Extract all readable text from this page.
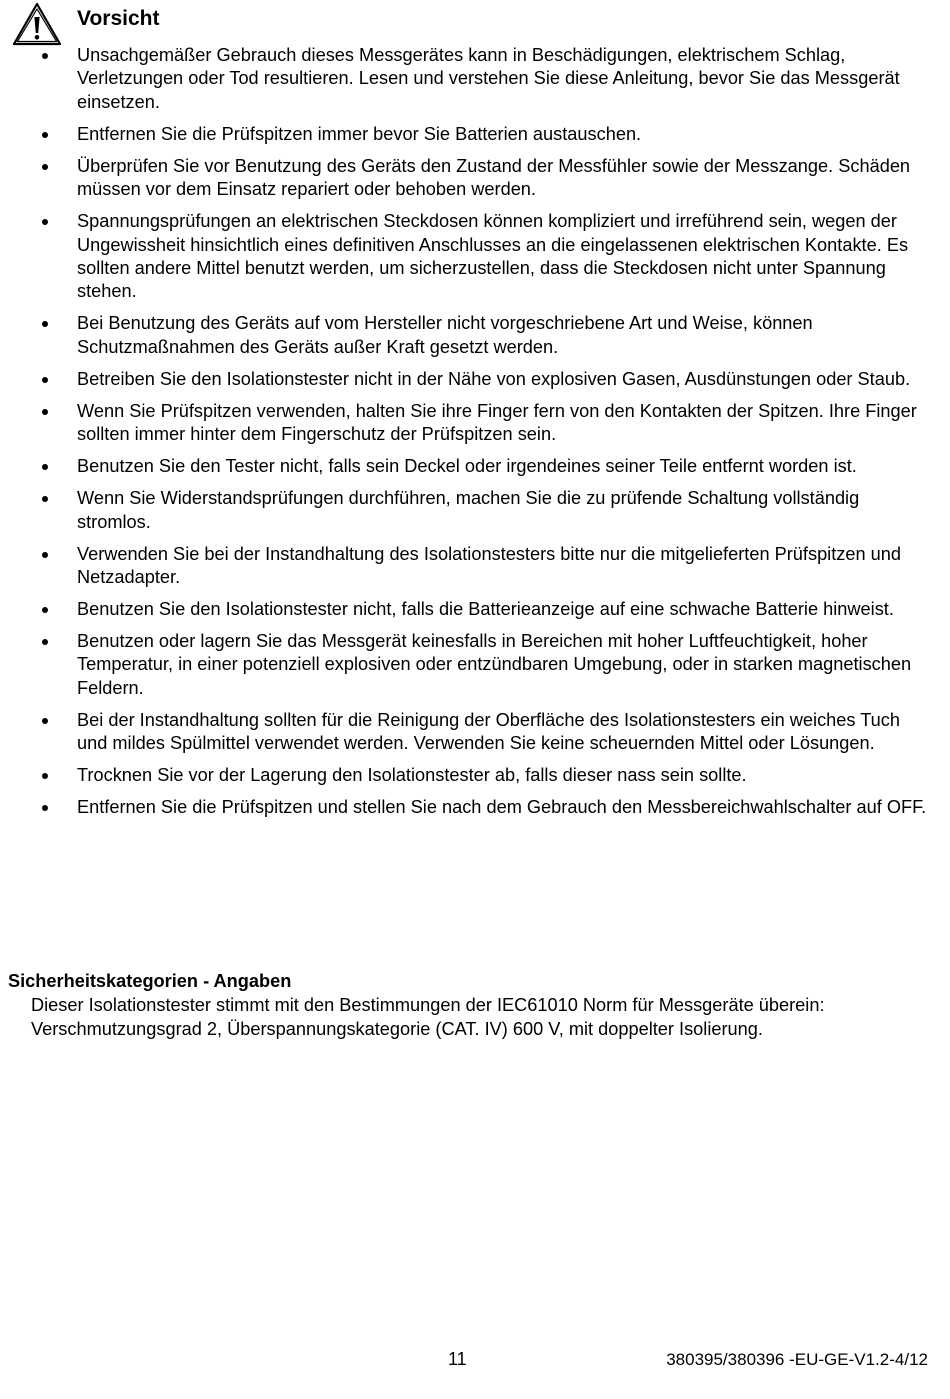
Vorsicht
Unsachgemäßer Gebrauch dieses Messgerätes kann in Beschädigungen, elektrischem Schlag, Verletzungen oder Tod resultieren. Lesen und verstehen Sie diese Anleitung, bevor Sie das Messgerät einsetzen.
Entfernen Sie die Prüfspitzen immer bevor Sie Batterien austauschen.
Überprüfen Sie vor Benutzung des Geräts den Zustand der Messfühler sowie der Messzange. Schäden müssen vor dem Einsatz repariert oder behoben werden.
Spannungsprüfungen an elektrischen Steckdosen können kompliziert und irreführend sein, wegen der Ungewissheit hinsichtlich eines definitiven Anschlusses an die eingelassenen elektrischen Kontakte. Es sollten andere Mittel benutzt werden, um sicherzustellen, dass die Steckdosen nicht unter Spannung stehen.
Bei Benutzung des Geräts auf vom Hersteller nicht vorgeschriebene Art und Weise, können Schutzmaßnahmen des Geräts außer Kraft gesetzt werden.
Betreiben Sie den Isolationstester nicht in der Nähe von explosiven Gasen, Ausdünstungen oder Staub.
Wenn Sie Prüfspitzen verwenden, halten Sie ihre Finger fern von den Kontakten der Spitzen. Ihre Finger sollten immer hinter dem Fingerschutz der Prüfspitzen sein.
Benutzen Sie den Tester nicht, falls sein Deckel oder irgendeines seiner Teile entfernt worden ist.
Wenn Sie Widerstandsprüfungen durchführen, machen Sie die zu prüfende Schaltung vollständig stromlos.
Verwenden Sie bei der Instandhaltung des Isolationstesters bitte nur die mitgelieferten Prüfspitzen und Netzadapter.
Benutzen Sie den Isolationstester nicht, falls die Batterieanzeige auf eine schwache Batterie hinweist.
Benutzen oder lagern Sie das Messgerät keinesfalls in Bereichen mit hoher Luftfeuchtigkeit, hoher Temperatur, in einer potenziell explosiven oder entzündbaren Umgebung, oder in starken magnetischen Feldern.
Bei der Instandhaltung sollten für die Reinigung der Oberfläche des Isolationstesters ein weiches Tuch und mildes Spülmittel verwendet werden. Verwenden Sie keine scheuernden Mittel oder Lösungen.
Trocknen Sie vor der Lagerung den Isolationstester ab, falls dieser nass sein sollte.
Entfernen Sie die Prüfspitzen und stellen Sie nach dem Gebrauch den Messbereichwahlschalter auf OFF.
Sicherheitskategorien - Angaben

Dieser Isolationstester stimmt mit den Bestimmungen der IEC61010 Norm für Messgeräte überein:

Verschmutzungsgrad 2, Überspannungskategorie (CAT. IV) 600 V, mit doppelter Isolierung.

11	380395/380396 -EU-GE-V1.2-4/12
